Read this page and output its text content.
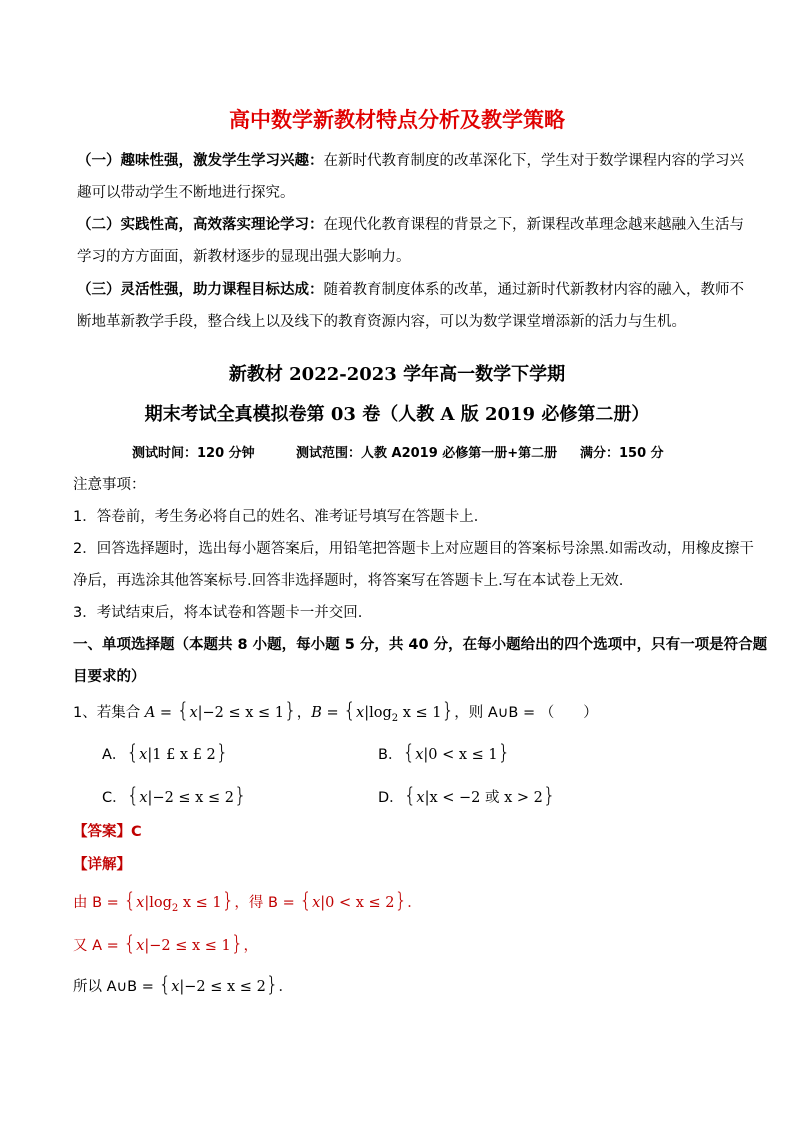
高中数学新教材特点分析及教学策略
（一）趣味性强，激发学生学习兴趣：在新时代教育制度的改革深化下，学生对于数学课程内容的学习兴
趣可以带动学生不断地进行探究。
（二）实践性高，高效落实理论学习：在现代化教育课程的背景之下，新课程改革理念越来越融入生活与
学习的方方面面，新教材逐步的显现出强大影响力。
（三）灵活性强，助力课程目标达成：随着教育制度体系的改革，通过新时代新教材内容的融入，教师不
断地革新教学手段，整合线上以及线下的教育资源内容，可以为数学课堂增添新的活力与生机。
新教材 2022-2023 学年高一数学下学期
期末考试全真模拟卷第 03 卷（人教 A 版 2019 必修第二册）
测试时间：120 分钟	测试范围：人教 A2019 必修第一册+第二册 满分：150 分
注意事项：
1．答卷前，考生务必将自己的姓名、准考证号填写在答题卡上．
2．回答选择题时，选出每小题答案后，用铅笔把答题卡上对应题目的答案标号涂黑.如需改动，用橡皮擦干
净后，再选涂其他答案标号.回答非选择题时，将答案写在答题卡上.写在本试卷上无效.
3．考试结束后，将本试卷和答题卡一并交回.
一、单项选择题（本题共 8 小题，每小题 5 分，共 40 分，在每小题给出的四个选项中，只有一项是符合题
目要求的）
1、若集合 A = {x|−2 ≤ x ≤ 1}，$B = \{x|\log_2$ x ≤ 1}，则 A∪B = （　　）
A．{x|1 £ x £ 2}	B．{x|0 < x ≤ 1}
C．{x|−2 ≤ x ≤ 2}	D．{x|x < −2 或 x > 2}
【答案】C
【详解】
由 $B = \{x|\log_2$ x ≤ 1}，得 B = {x|0 < x ≤ 2}．
又 A = {x|−2 ≤ x ≤ 1}，
所以 A∪B = {x|−2 ≤ x ≤ 2}．
